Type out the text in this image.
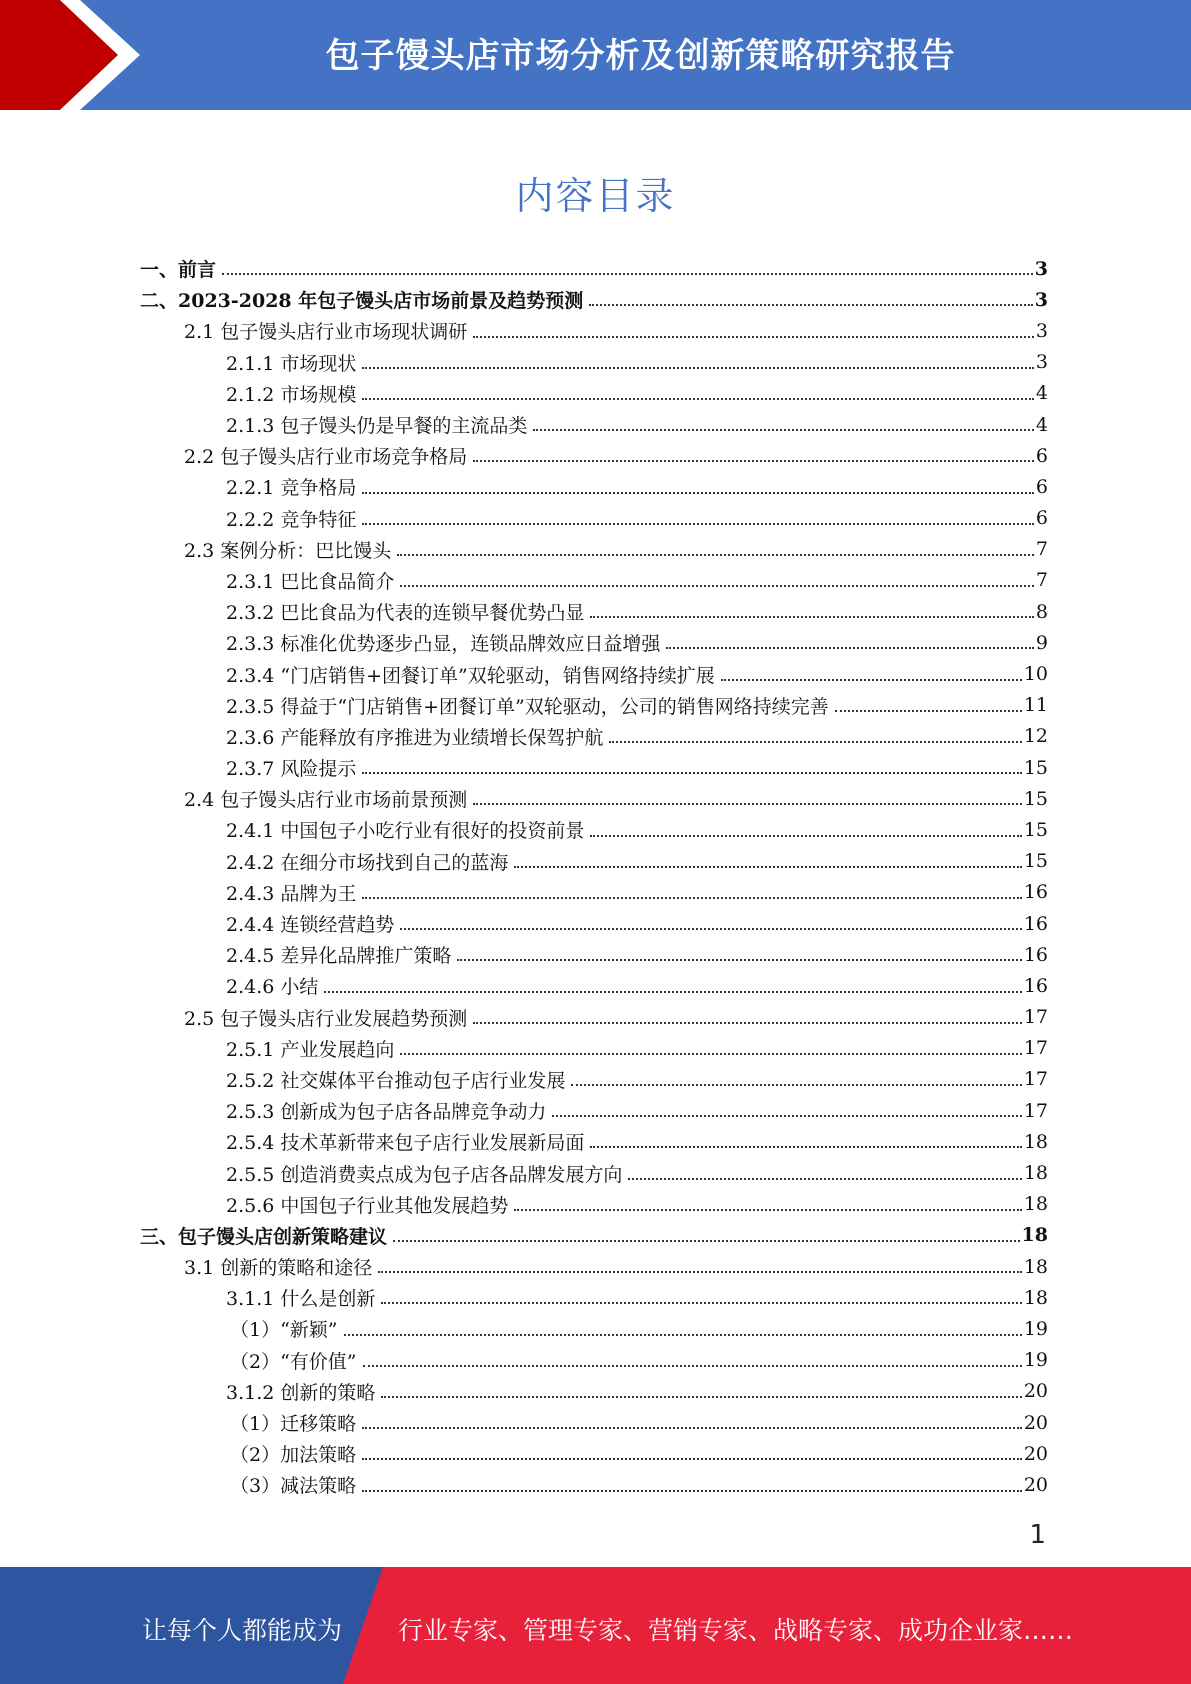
包子馒头店市场分析及创新策略研究报告
内容目录
一、前言	3
二、2023-2028 年包子馒头店市场前景及趋势预测	3
2.1 包子馒头店行业市场现状调研	3
2.1.1 市场现状	3
2.1.2 市场规模	4
2.1.3 包子馒头仍是早餐的主流品类	4
2.2 包子馒头店行业市场竞争格局	6
2.2.1 竞争格局	6
2.2.2 竞争特征	6
2.3 案例分析：巴比馒头	7
2.3.1 巴比食品简介	7
2.3.2 巴比食品为代表的连锁早餐优势凸显	8
2.3.3 标准化优势逐步凸显，连锁品牌效应日益增强	9
2.3.4 “门店销售+团餐订单”双轮驱动，销售网络持续扩展	10
2.3.5 得益于“门店销售+团餐订单”双轮驱动，公司的销售网络持续完善	11
2.3.6 产能释放有序推进为业绩增长保驾护航	12
2.3.7 风险提示	15
2.4 包子馒头店行业市场前景预测	15
2.4.1 中国包子小吃行业有很好的投资前景	15
2.4.2 在细分市场找到自己的蓝海	15
2.4.3 品牌为王	16
2.4.4 连锁经营趋势	16
2.4.5 差异化品牌推广策略	16
2.4.6 小结	16
2.5 包子馒头店行业发展趋势预测	17
2.5.1 产业发展趋向	17
2.5.2 社交媒体平台推动包子店行业发展	17
2.5.3 创新成为包子店各品牌竞争动力	17
2.5.4 技术革新带来包子店行业发展新局面	18
2.5.5 创造消费卖点成为包子店各品牌发展方向	18
2.5.6 中国包子行业其他发展趋势	18
三、包子馒头店创新策略建议	18
3.1 创新的策略和途径	18
3.1.1 什么是创新	18
（1）“新颖”	19
（2）“有价值”	19
3.1.2 创新的策略	20
（1）迁移策略	20
（2）加法策略	20
（3）减法策略	20
1
让每个人都能成为 行业专家、管理专家、营销专家、战略专家、成功企业家……
